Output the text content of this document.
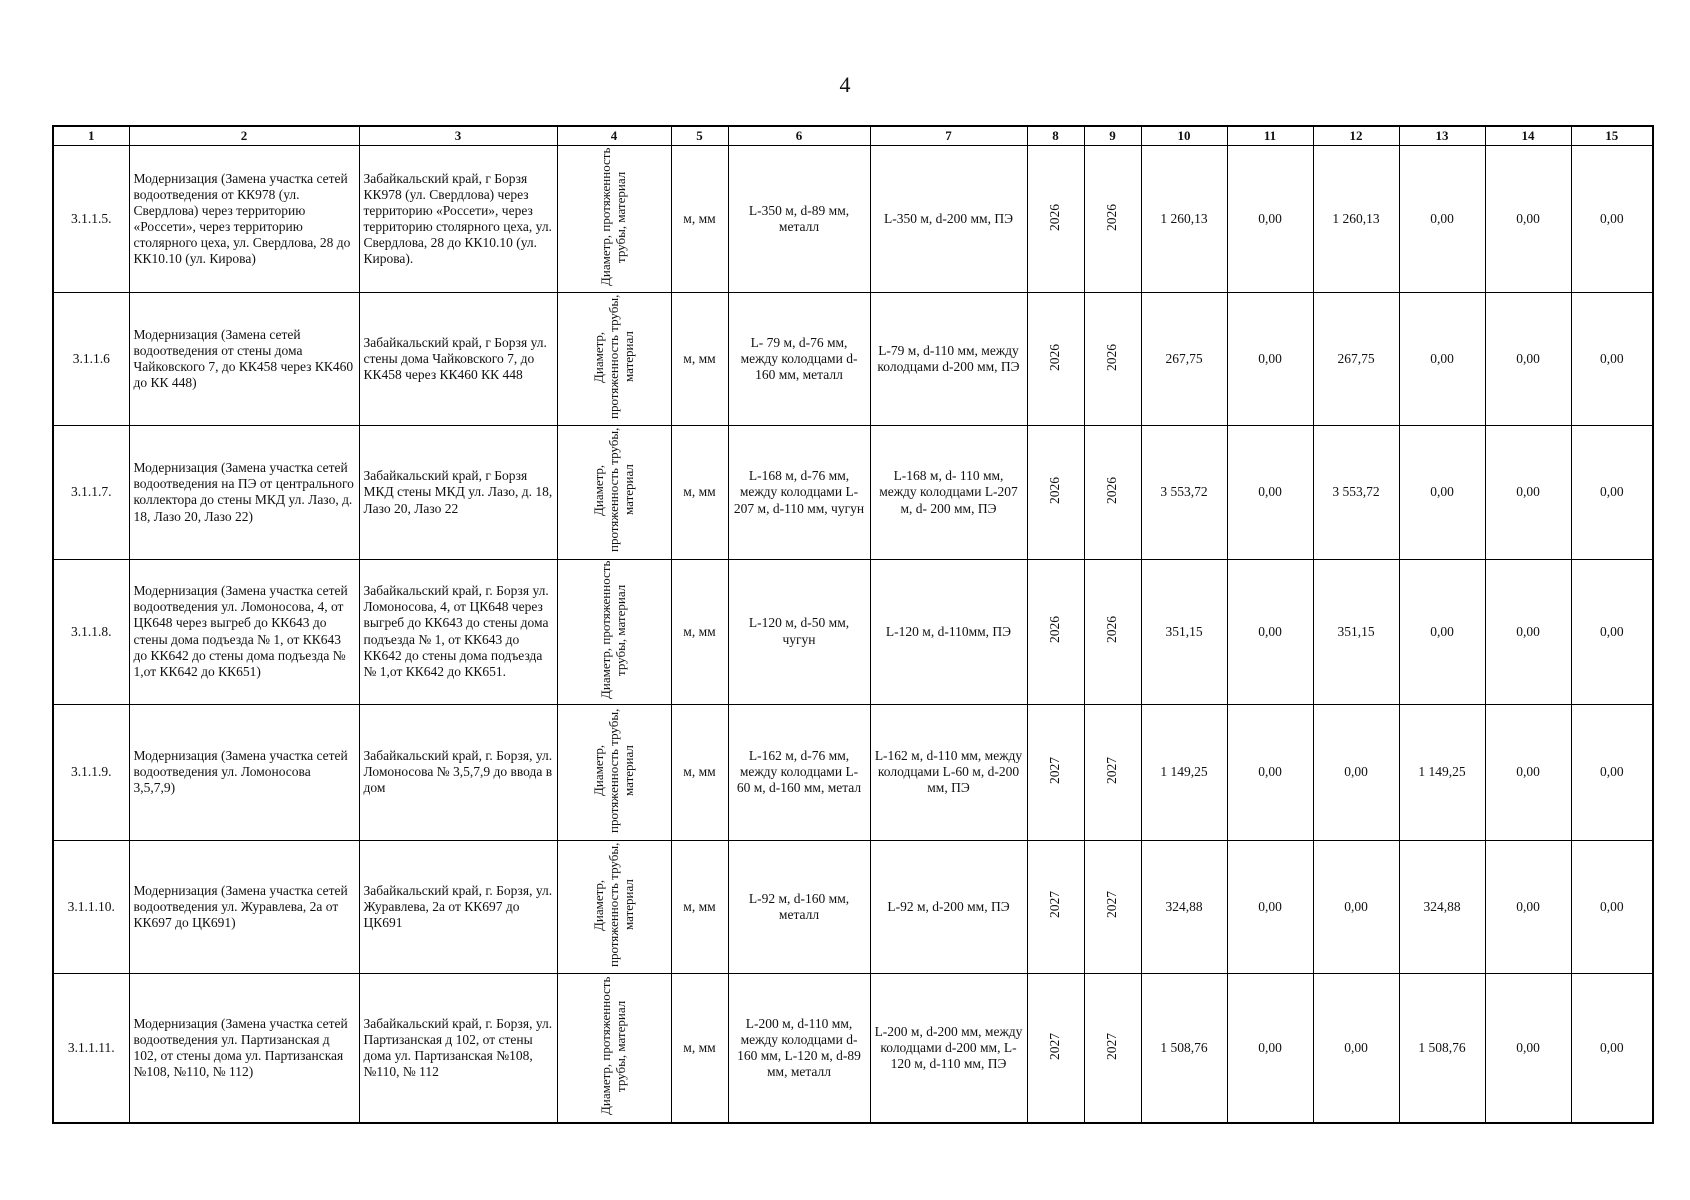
4
1	2	3	4	5	6	7	8	9	10	11	12	13	14	15
3.1.1.5.	Модернизация (Замена участка сетей водоотведения от КК978 (ул. Свердлова) через территорию «Россети», через территорию столярного цеха, ул. Свердлова, 28 до КК10.10 (ул. Кирова)	Забайкальский край, г Борзя КК978 (ул. Свердлова) через территорию «Россети», через территорию столярного цеха, ул. Свердлова, 28 до КК10.10 (ул. Кирова).	Диаметр, протяженность трубы, материал	м, мм	L-350 м, d-89 мм, металл	L-350 м, d-200 мм, ПЭ	2026	2026	1 260,13	0,00	1 260,13	0,00	0,00	0,00
3.1.1.6	Модернизация (Замена сетей водоотведения от стены дома Чайковского 7, до КК458 через КК460 до КК 448)	Забайкальский край, г Борзя ул. стены дома Чайковского 7, до КК458 через КК460 КК 448	Диаметр, протяженность трубы, материал	м, мм	L- 79 м, d-76 мм, между колодцами d-160 мм, металл	L-79 м, d-110 мм, между колодцами d-200 мм, ПЭ	2026	2026	267,75	0,00	267,75	0,00	0,00	0,00
3.1.1.7.	Модернизация (Замена участка сетей водоотведения на ПЭ от центрального коллектора до стены МКД ул. Лазо, д. 18, Лазо 20, Лазо 22)	Забайкальский край, г Борзя МКД стены МКД ул. Лазо, д. 18, Лазо 20, Лазо 22	Диаметр, протяженность трубы, материал	м, мм	L-168 м, d-76 мм, между колодцами L-207 м, d-110 мм, чугун	L-168 м, d- 110 мм, между колодцами L-207 м, d- 200 мм, ПЭ	2026	2026	3 553,72	0,00	3 553,72	0,00	0,00	0,00
3.1.1.8.	Модернизация (Замена участка сетей водоотведения ул. Ломоносова, 4, от ЦК648 через выгреб до КК643 до стены дома подъезда № 1, от КК643 до КК642 до стены дома подъезда № 1,от КК642 до КК651)	Забайкальский край, г. Борзя ул. Ломоносова, 4, от ЦК648 через выгреб до КК643 до стены дома подъезда № 1, от КК643 до КК642 до стены дома подъезда № 1,от КК642 до КК651.	Диаметр, протяженность трубы, материал	м, мм	L-120 м, d-50 мм, чугун	L-120 м, d-110мм, ПЭ	2026	2026	351,15	0,00	351,15	0,00	0,00	0,00
3.1.1.9.	Модернизация (Замена участка сетей водоотведения ул. Ломоносова 3,5,7,9)	Забайкальский край, г. Борзя, ул. Ломоносова № 3,5,7,9 до ввода в дом	Диаметр, протяженность трубы, материал	м, мм	L-162 м, d-76 мм, между колодцами L- 60 м, d-160 мм, метал	L-162 м, d-110 мм, между колодцами L-60 м, d-200 мм, ПЭ	2027	2027	1 149,25	0,00	0,00	1 149,25	0,00	0,00
3.1.1.10.	Модернизация (Замена участка сетей водоотведения ул. Журавлева, 2а от КК697 до ЦК691)	Забайкальский край, г. Борзя, ул. Журавлева, 2а от КК697 до ЦК691	Диаметр, протяженность трубы, материал	м, мм	L-92 м, d-160 мм, металл	L-92 м, d-200 мм, ПЭ	2027	2027	324,88	0,00	0,00	324,88	0,00	0,00
3.1.1.11.	Модернизация (Замена участка сетей водоотведения ул. Партизанская д 102, от стены дома ул. Партизанская №108, №110, № 112)	Забайкальский край, г. Борзя, ул. Партизанская д 102, от стены дома ул. Партизанская №108, №110, № 112	Диаметр, протяженность трубы, материал	м, мм	L-200 м, d-110 мм, между колодцами d-160 мм, L-120 м, d-89 мм, металл	L-200 м, d-200 мм, между колодцами d-200 мм, L- 120 м, d-110 мм, ПЭ	2027	2027	1 508,76	0,00	0,00	1 508,76	0,00	0,00
